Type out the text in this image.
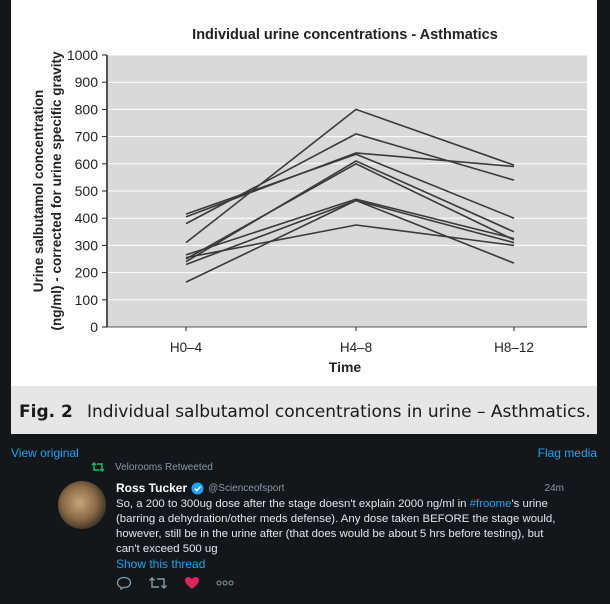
0
100
200
300
400
500
600
700
800
900
1000
H0–4	H4–8	H8–12
Individual urine concentrations - Asthmatics
Time
Urine salbutamol concentration (ng/ml) - corrected for urine specific gravity
Fig. 2 Individual salbutamol concentrations in urine – Asthmatics.
View original	Flag media
Velorooms Retweeted
Ross Tucker @Scienceofsport	24m
So, a 200 to 300ug dose after the stage doesn't explain 2000 ng/ml in #froome's urine (barring a dehydration/other meds defense). Any dose taken BEFORE the stage would, however, still be in the urine after (that does would be about 5 hrs before testing), but can't exceed 500 ug
Show this thread
